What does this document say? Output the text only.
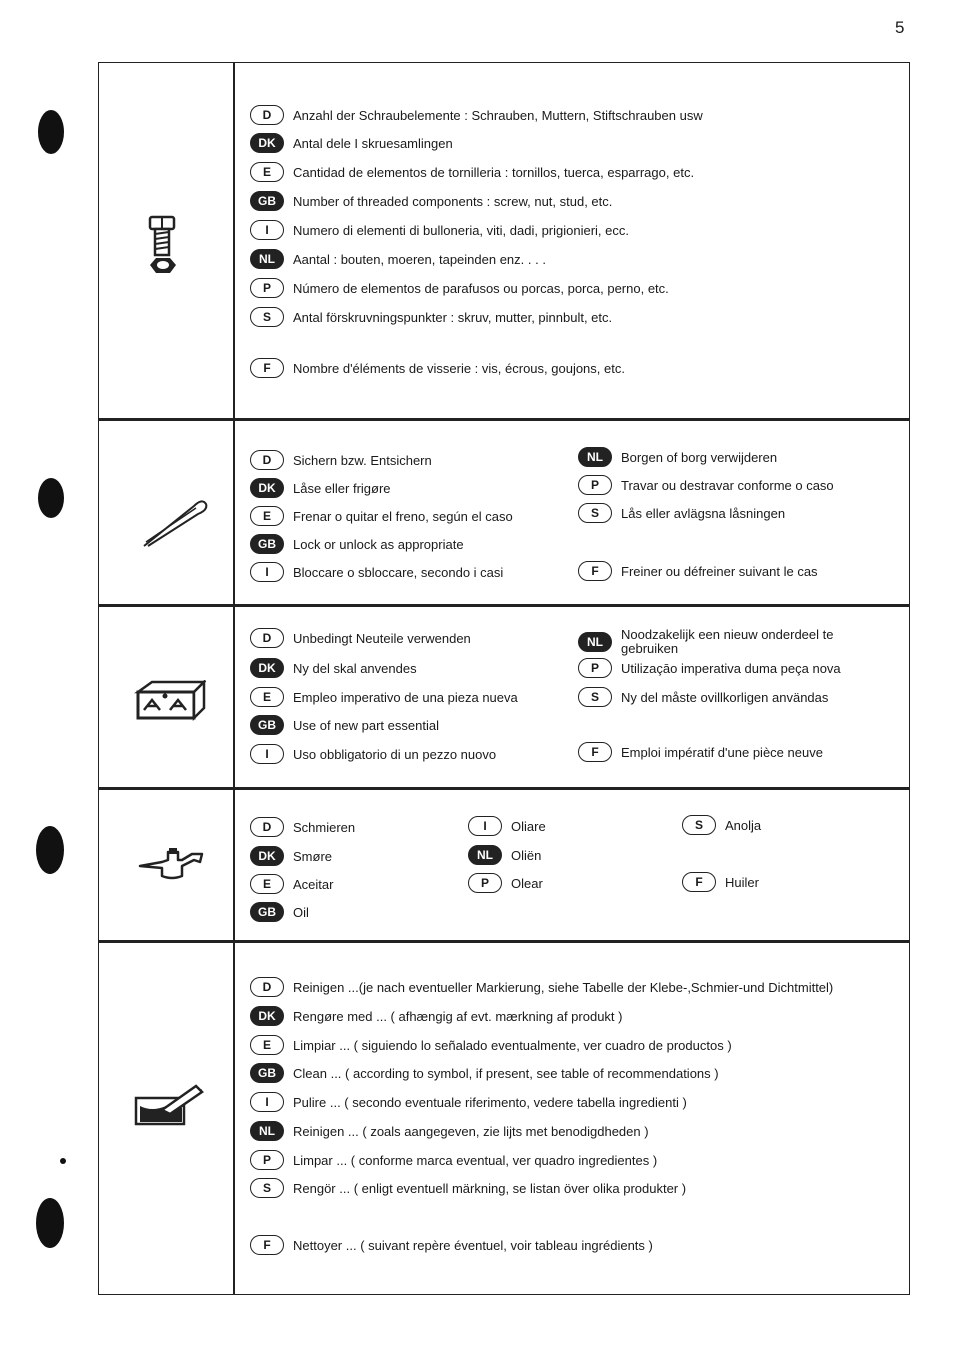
5
D	Anzahl der Schraubelemente : Schrauben, Muttern, Stiftschrauben usw
DK	Antal dele I skruesamlingen
E	Cantidad de elementos de tornilleria : tornillos, tuerca, esparrago, etc.
GB	Number of threaded components : screw, nut, stud, etc.
I	Numero di elementi di bulloneria, viti, dadi, prigionieri, ecc.
NL	Aantal : bouten, moeren, tapeinden enz. . . .
P	Número de elementos de parafusos ou porcas, porca, perno, etc.
S	Antal förskruvningspunkter : skruv, mutter, pinnbult, etc.
F	Nombre d'éléments de visserie : vis, écrous, goujons, etc.
D	Sichern bzw. Entsichern
DK	Låse eller frigøre
E	Frenar o quitar el freno, según el caso
GB	Lock or unlock as appropriate
I	Bloccare o sbloccare, secondo i casi
NL	Borgen of borg verwijderen
P	Travar ou destravar conforme o caso
S	Lås eller avlägsna låsningen
F	Freiner ou défreiner suivant le cas
D	Unbedingt Neuteile verwenden
DK	Ny del skal anvendes
E	Empleo imperativo de una pieza nueva
GB	Use of new part essential
I	Uso obbligatorio di un pezzo nuovo
NL	Noodzakelijk een nieuw onderdeel te gebruiken
P	Utilizaçāo imperativa duma peça nova
S	Ny del måste ovillkorligen användas
F	Emploi impératif d'une pièce neuve
D	Schmieren
DK	Smøre
E	Aceitar
GB	Oil
I	Oliare
NL	Oliën
P	Olear
S	Anolja
F	Huiler
D	Reinigen ...(je nach eventueller Markierung, siehe Tabelle der Klebe-,Schmier-und Dichtmittel)
DK	Rengøre med ... ( afhængig af evt. mærkning af produkt )
E	Limpiar ... ( siguiendo lo señalado eventualmente, ver cuadro de productos )
GB	Clean ... ( according to symbol, if present, see table of recommendations )
I	Pulire ... ( secondo eventuale riferimento, vedere tabella ingredienti )
NL	Reinigen ... ( zoals aangegeven, zie lijts met benodigdheden )
P	Limpar ... ( conforme marca eventual, ver quadro ingredientes )
S	Rengör ... ( enligt eventuell märkning, se listan över olika produkter )
F	Nettoyer ... ( suivant repère éventuel, voir tableau ingrédients )
